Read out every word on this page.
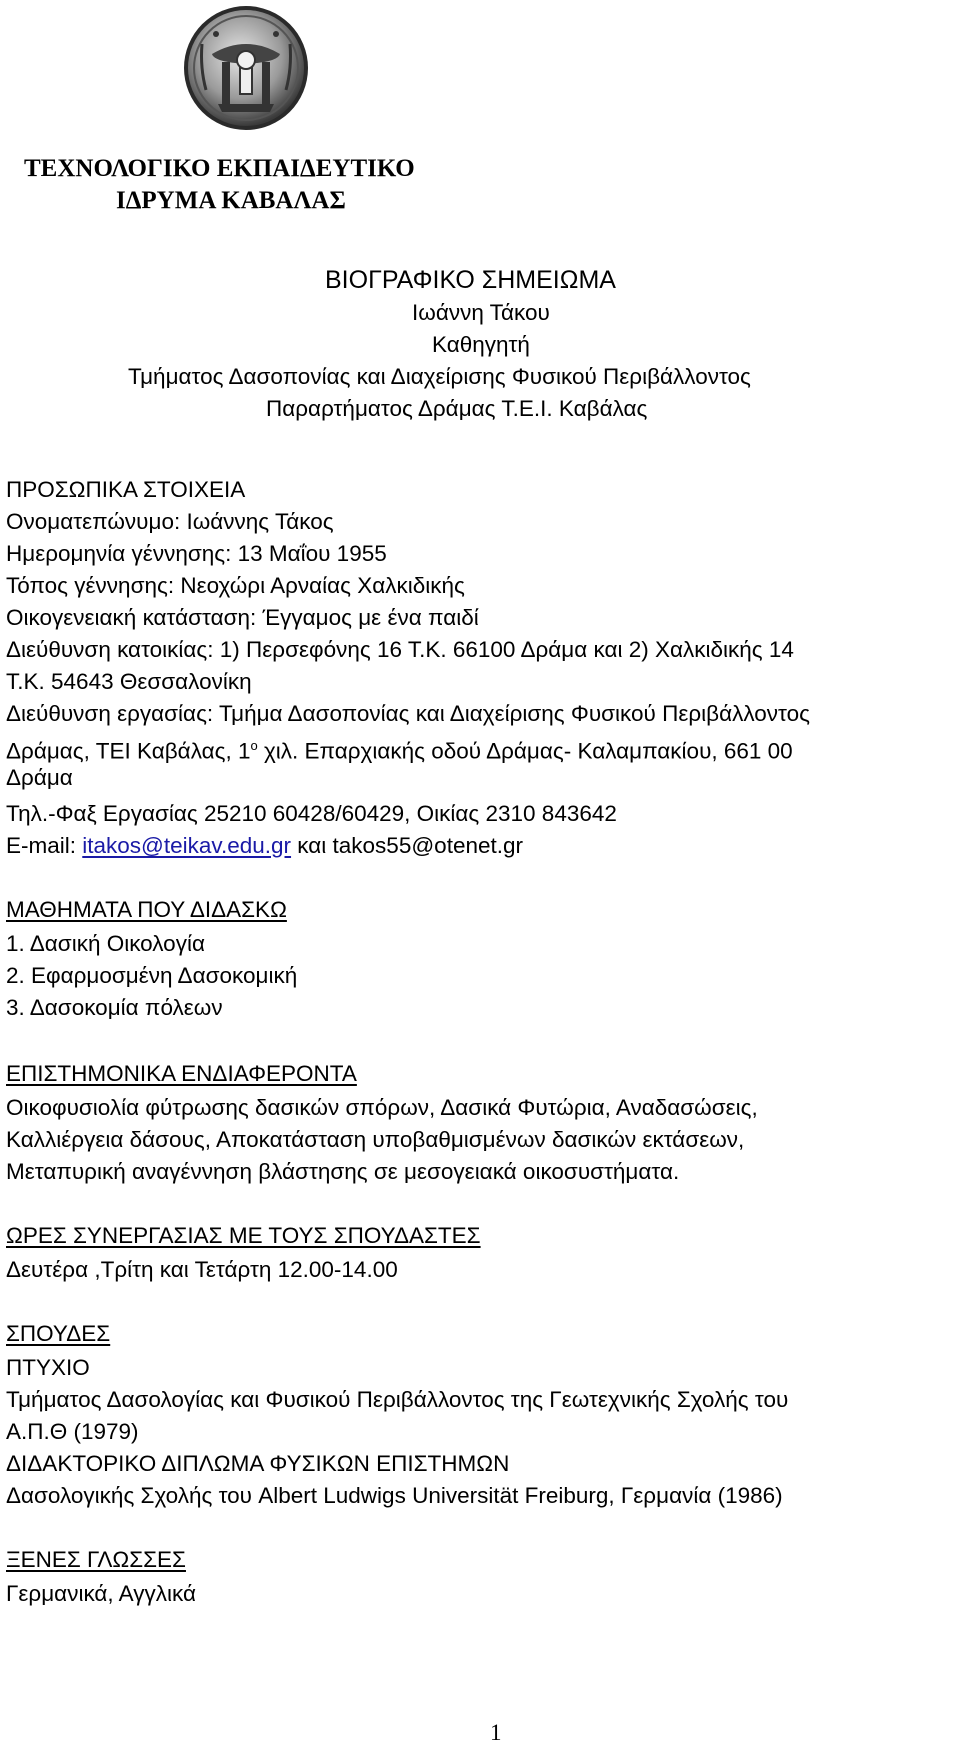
ΤΕΧΝΟΛΟΓΙΚΟ ΕΚΠΑΙΔΕΥΤΙΚΟ
ΙΔΡΥΜΑ ΚΑΒΑΛΑΣ
ΒΙΟΓΡΑΦΙΚΟ ΣΗΜΕΙΩΜΑ
Ιωάννη Τάκου
Καθηγητή
Τμήματος Δασοπονίας και Διαχείρισης Φυσικού Περιβάλλοντος
Παραρτήματος Δράμας Τ.Ε.Ι. Καβάλας
ΠΡΟΣΩΠΙΚΑ ΣΤΟΙΧΕΙΑ
Ονοματεπώνυμο: Ιωάννης Τάκος
Ημερομηνία γέννησης: 13 Μαΐου 1955
Τόπος γέννησης: Νεοχώρι Αρναίας Χαλκιδικής
Οικογενειακή κατάσταση: Έγγαμος με ένα παιδί
Διεύθυνση κατοικίας: 1) Περσεφόνης 16 Τ.Κ. 66100 Δράμα και 2) Χαλκιδικής 14
Τ.Κ. 54643 Θεσσαλονίκη
Διεύθυνση εργασίας: Τμήμα Δασοπονίας και Διαχείρισης Φυσικού Περιβάλλοντος
Δράμας, ΤΕΙ Καβάλας, $1^o$ χιλ. Επαρχιακής οδού Δράμας- Καλαμπακίου, 661 00
Δράμα
Τηλ.-Φαξ Εργασίας 25210 60428/60429, Οικίας 2310 843642
E-mail: itakos@teikav.edu.gr και takos55@otenet.gr
ΜΑΘΗΜΑΤΑ ΠΟΥ ΔΙΔΑΣΚΩ
1. Δασική Οικολογία
2. Εφαρμοσμένη Δασοκομική
3. Δασοκομία πόλεων
ΕΠΙΣΤΗΜΟΝΙΚΑ ΕΝΔΙΑΦΕΡΟΝΤΑ
Οικοφυσιολία φύτρωσης δασικών σπόρων, Δασικά Φυτώρια, Αναδασώσεις,
Καλλιέργεια δάσους, Αποκατάσταση υποβαθμισμένων δασικών εκτάσεων,
Μεταπυρική αναγέννηση βλάστησης σε μεσογειακά οικοσυστήματα.
ΩΡΕΣ ΣΥΝΕΡΓΑΣΙΑΣ ΜΕ ΤΟΥΣ ΣΠΟΥΔΑΣΤΕΣ
Δευτέρα ,Τρίτη και Τετάρτη 12.00-14.00
ΣΠΟΥΔΕΣ
ΠΤΥΧΙΟ
Τμήματος Δασολογίας και Φυσικού Περιβάλλοντος της Γεωτεχνικής Σχολής του
Α.Π.Θ (1979)
ΔΙΔΑΚΤΟΡΙΚΟ ΔΙΠΛΩΜΑ ΦΥΣΙΚΩΝ ΕΠΙΣΤΗΜΩΝ
Δασολογικής Σχολής του Albert Ludwigs Universität Freiburg, Γερμανία (1986)
ΞΕΝΕΣ ΓΛΩΣΣΕΣ
Γερμανικά, Αγγλικά
1
